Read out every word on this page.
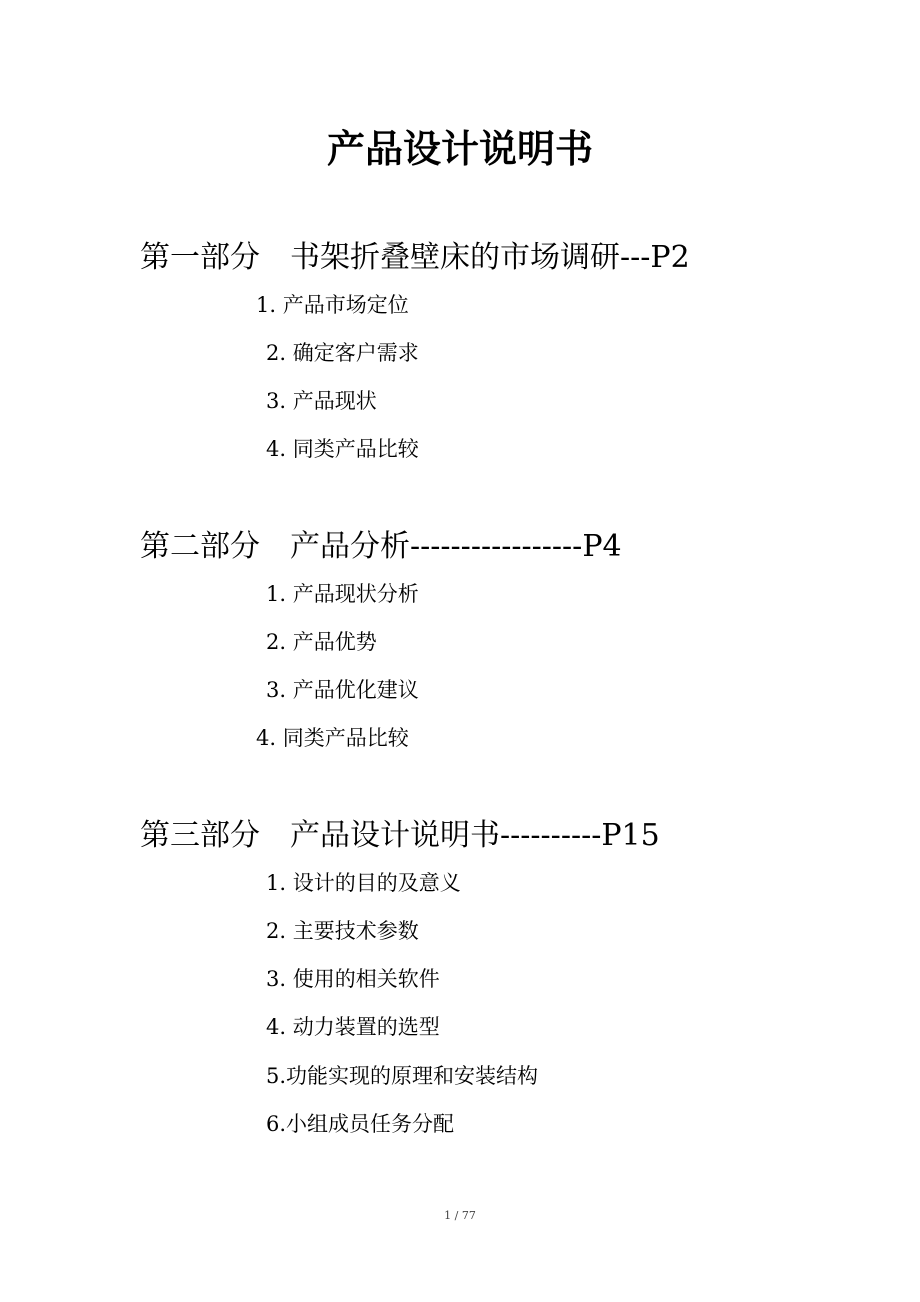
产品设计说明书
第一部分　书架折叠壁床的市场调研---P2
1. 产品市场定位
2. 确定客户需求
3. 产品现状
4. 同类产品比较
第二部分　产品分析-----------------P4
1. 产品现状分析
2. 产品优势
3. 产品优化建议
4. 同类产品比较
第三部分　产品设计说明书----------P15
1. 设计的目的及意义
2. 主要技术参数
3. 使用的相关软件
4. 动力装置的选型
5.功能实现的原理和安装结构
6.小组成员任务分配
1 / 77
